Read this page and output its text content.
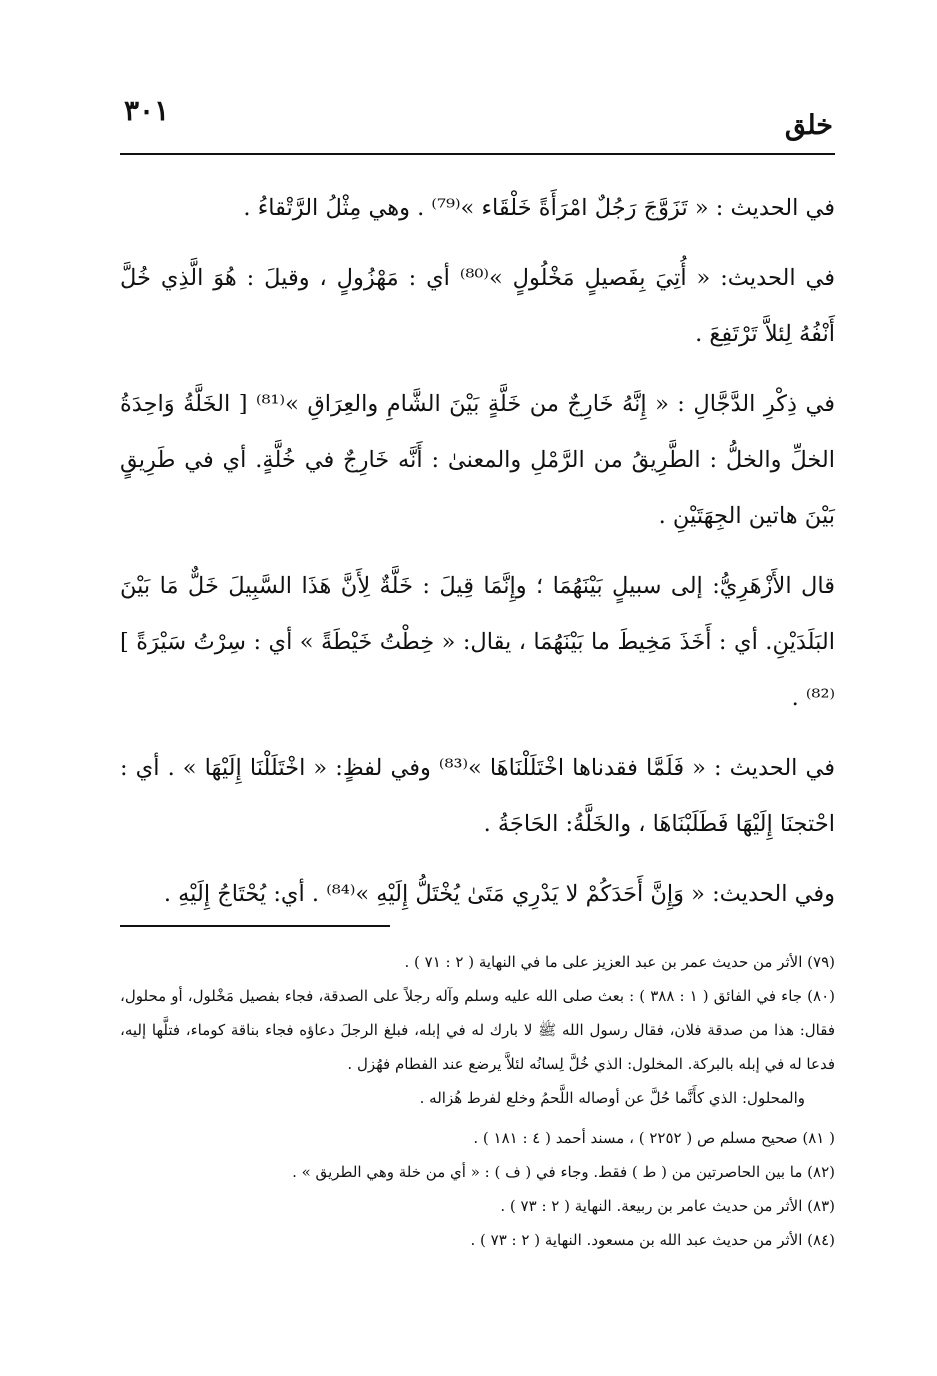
خلق
٣٠١

في الحديث : « تَزَوَّجَ رَجُلٌ امْرَأَةً خَلْقَاء »⁽⁷⁹⁾ . وهي مِثْلُ الرَّتْقاءُ .

في الحديث: « أُتِيَ بِفَصيلٍ مَخْلُولٍ »⁽⁸⁰⁾ أي : مَهْزُولٍ ، وقيلَ : هُوَ الَّذِي خُلَّ أَنْفُهُ لِئلاَّ تَرْتَفِعَ .

في ذِكْرِ الدَّجَّالِ : « إِنَّهُ خَارِجٌ من خَلَّةٍ بَيْنَ الشَّامِ والعِرَاقِ »⁽⁸¹⁾ [ الخَلَّةُ وَاحِدَةُ الخلِّ والخلُّ : الطَّرِيقُ من الرَّمْلِ والمعنىٰ : أَنَّه خَارِجٌ في خُلَّةٍ. أي في طَرِيقٍ بَيْنَ هاتين الجِهَتَيْنِ .

قال الأَزْهَرِيُّ: إلى سبيلٍ بَيْنَهُمَا ؛ وإِنَّمَا قِيلَ : خَلَّةٌ لِأَنَّ هَذَا السَّبِيلَ خَلٌّ مَا بَيْنَ البَلَدَيْنِ. أي : أَخَذَ مَخِيطَ ما بَيْنَهُمَا ، يقال: « خِطْتُ خَيْطَةً » أي : سِرْتُ سَيْرَةً ]⁽⁸²⁾ .

في الحديث : « فَلَمَّا فقدناها اخْتَلَلْنَاهَا »⁽⁸³⁾ وفي لفظٍ: « اخْتَلَلْنَا إِلَيْهَا » . أي : احْتجنَا إِلَيْهَا فَطَلَبْنَاهَا ، والخَلَّةُ: الحَاجَةُ .

وفي الحديث: « وَإِنَّ أَحَدَكُمْ لا يَدْرِي مَتَىٰ يُخْتَلُّ إِلَيْهِ »⁽⁸⁴⁾ . أي: يُحْتَاجُ إِلَيْهِ .

(٧٩) الأثر من حديث عمر بن عبد العزيز على ما في النهاية ( ٢ : ٧١ ) .

(٨٠) جاء في الفائق ( ١ : ٣٨٨ ) : بعث صلى الله عليه وسلم وآله رجلاً على الصدقة، فجاء بفصيل مَخْلول، أو محلول، فقال: هذا من صدقة فلان، فقال رسول الله ﷺ لا بارك له في إبله، فبلغ الرجلَ دعاؤه فجاء بناقة كوماء، فتلَّها إليه، فدعا له في إبله بالبركة. المخلول: الذي خُلَّ لِسانُه لئلاَّ يرضع عند الفطام فهُزل .

والمحلول: الذي كأَنَّما حُلَّ عن أوصاله اللَّحمُ وخلع لفرط هُزاله .

( ٨١) صحيح مسلم ص ( ٢٢٥٢ ) ، مسند أحمد ( ٤ : ١٨١ ) .

(٨٢) ما بين الحاصرتين من ( ط ) فقط. وجاء في ( ف ) : « أي من خلة وهي الطريق » .

(٨٣) الأثر من حديث عامر بن ربيعة. النهاية ( ٢ : ٧٣ ) .

(٨٤) الأثر من حديث عبد الله بن مسعود. النهاية ( ٢ : ٧٣ ) .
